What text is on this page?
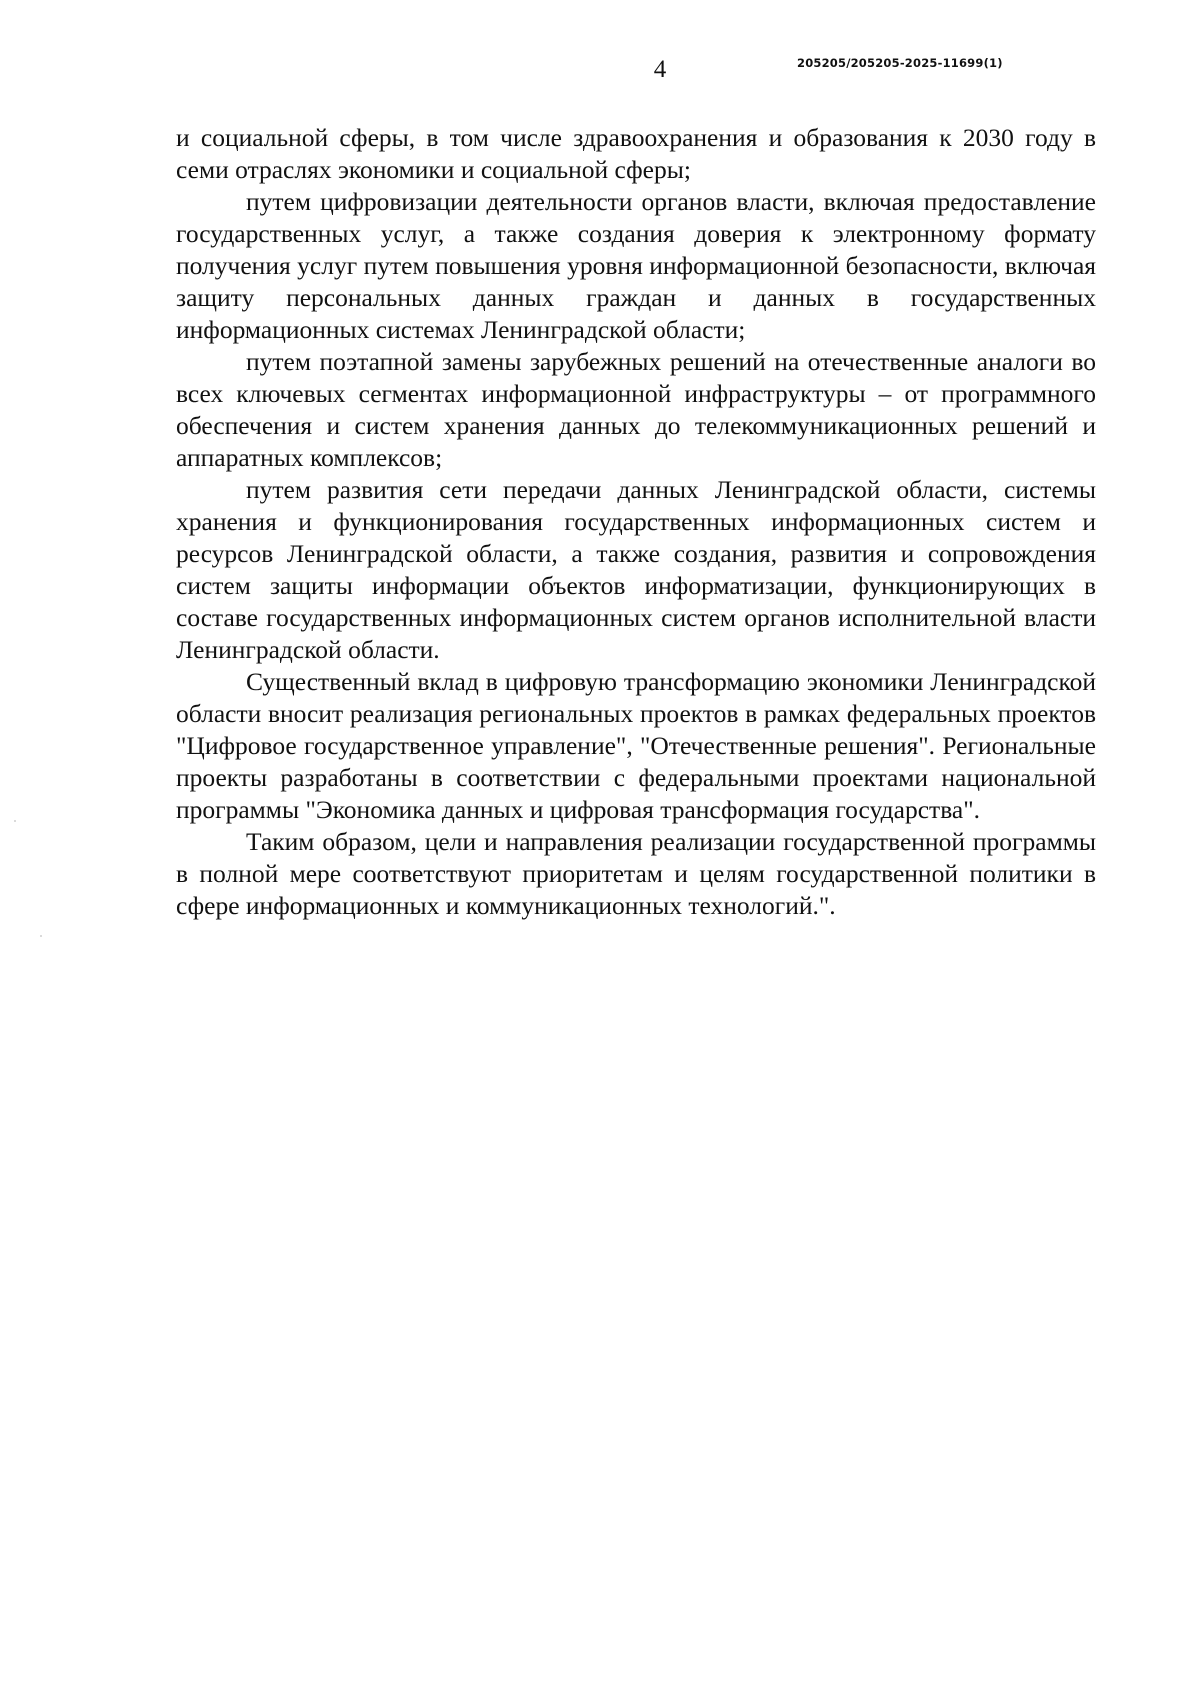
4	205205/205205-2025-11699(1)

и социальной сферы, в том числе здравоохранения и образования к 2030 году в семи отраслях экономики и социальной сферы;

путем цифровизации деятельности органов власти, включая предоставление государственных услуг, а также создания доверия к электронному формату получения услуг путем повышения уровня информационной безопасности, включая защиту персональных данных граждан и данных в государственных информационных системах Ленинградской области;

путем поэтапной замены зарубежных решений на отечественные аналоги во всех ключевых сегментах информационной инфраструктуры – от программного обеспечения и систем хранения данных до телекоммуникационных решений и аппаратных комплексов;

путем развития сети передачи данных Ленинградской области, системы хранения и функционирования государственных информационных систем и ресурсов Ленинградской области, а также создания, развития и сопровождения систем защиты информации объектов информатизации, функционирующих в составе государственных информационных систем органов исполнительной власти Ленинградской области.

Существенный вклад в цифровую трансформацию экономики Ленинградской области вносит реализация региональных проектов в рамках федеральных проектов "Цифровое государственное управление", "Отечественные решения". Региональные проекты разработаны в соответствии с федеральными проектами национальной программы "Экономика данных и цифровая трансформация государства".

Таким образом, цели и направления реализации государственной программы в полной мере соответствуют приоритетам и целям государственной политики в сфере информационных и коммуникационных технологий.".
